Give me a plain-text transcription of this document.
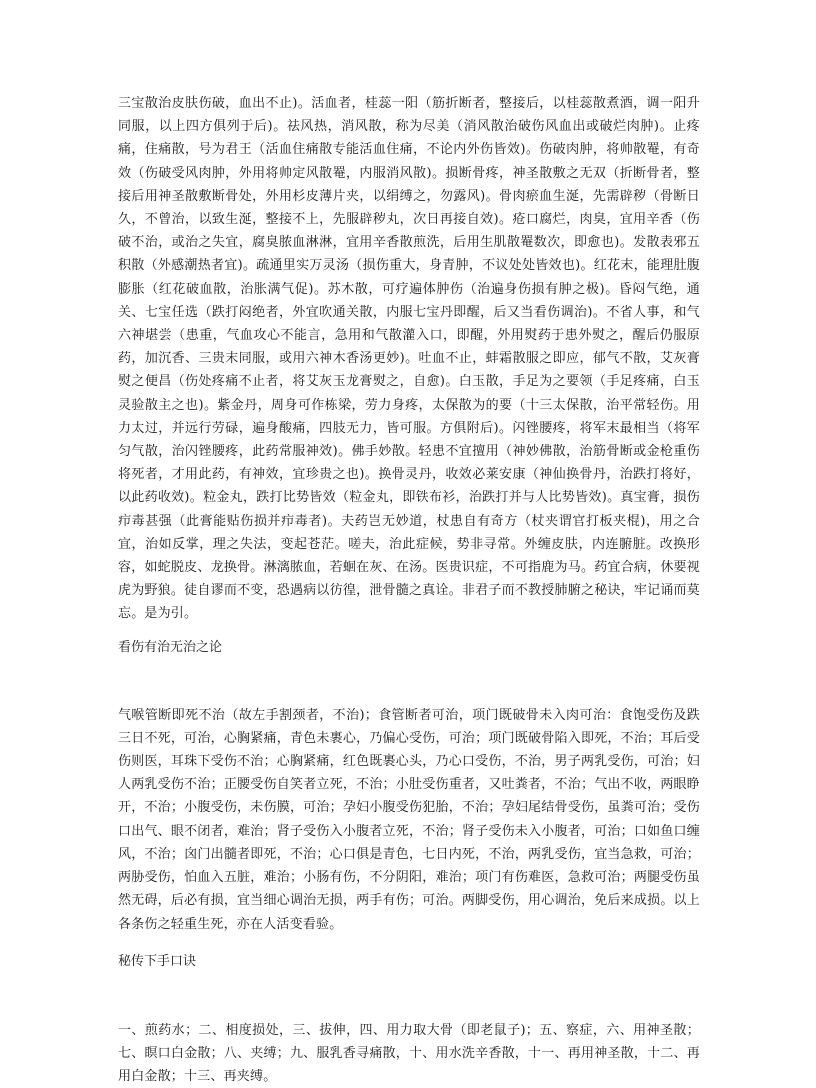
三宝散治皮肤伤破，血出不止)。活血者，桂蕊一阳（筋折断者，整接后，以桂蕊散煮酒，调一阳升同服，以上四方俱列于后)。祛风热，消风散，称为尽美（消风散治破伤风血出或破烂肉肿)。止疼痛，住痛散，号为君王（活血住痛散专能活血住痛，不论内外伤皆效)。伤破肉肿，将帅散罨，有奇效（伤破受风肉肿，外用将帅定风散罨，内服消风散)。损断骨疼，神圣散敷之无双（折断骨者，整接后用神圣散敷断骨处，外用杉皮薄片夹，以绢缚之，勿露风)。骨肉瘀血生涎，先需辟秽（骨断日久，不曾治，以致生涎，整接不上，先服辟秽丸，次日再接自效)。疮口腐烂，肉臭，宜用辛香（伤破不治，或治之失宜，腐臭脓血淋淋，宜用辛香散煎洗，后用生肌散罨数次，即愈也)。发散表邪五积散（外感潮热者宜)。疏通里实万灵汤（损伤重大，身青肿，不议处处皆效也)。红花末，能理肚腹膨胀（红花破血散，治胀满气促)。苏木散，可疗遍体肿伤（治遍身伤损有肿之极)。昏闷气绝，通关、七宝任选（跌打闷绝者，外宜吹通关散，内服七宝丹即醒，后又当看伤调治)。不省人事，和气六神堪尝（患重，气血攻心不能言，急用和气散灌入口，即醒，外用熨药于患外熨之，醒后仍服原药，加沉香、三贵末同服，或用六神木香汤更妙)。吐血不止，蚌霜散服之即应，郁气不散，艾灰膏熨之便昌（伤处疼痛不止者，将艾灰玉龙膏熨之，自愈)。白玉散，手足为之要领（手足疼痛，白玉灵验散主之也)。紫金丹，周身可作栋梁，劳力身疼，太保散为的要（十三太保散，治平常轻伤。用力太过，并远行劳碌，遍身酸痛，四肢无力，皆可服。方俱附后)。闪锉腰疼，将军末最相当（将军匀气散，治闪锉腰疼，此药常服神效)。佛手妙散。轻患不宜擅用（神妙佛散，治筋骨断或金枪重伤将死者，才用此药，有神效，宜珍贵之也)。换骨灵丹，收效必莱安康（神仙换骨丹，治跌打将好，以此药收效)。粒金丸，跌打比势皆效（粒金丸，即铁布衫，治跌打并与人比势皆效)。真宝膏，损伤疖毒甚强（此膏能贴伤损并疖毒者)。夫药岂无妙道，杖患自有奇方（杖夹谓官打板夹棍)，用之合宜，治如反掌，理之失法，变起苍茫。嗟夫，治此症候，势非寻常。外缠皮肤，内连腑脏。改换形容，如蛇脱皮、龙换骨。淋漓脓血，若蛔在灰、在汤。医贵识症，不可指鹿为马。药宜合病，休要视虎为野狼。徒自谬而不变，恐遇病以彷徨，泄骨髓之真诠。非君子而不教授肺腑之秘诀，牢记诵而莫忘。是为引。

看伤有治无治之论

气喉管断即死不治（故左手割颈者，不治)；食管断者可治，项门既破骨未入肉可治：食饱受伤及跌三日不死，可治，心胸紧痛，青色未裹心，乃偏心受伤，可治；项门既破骨陷入即死，不治；耳后受伤则医，耳珠下受伤不治；心胸紧痛，红色既裹心头，乃心口受伤，不治，男子两乳受伤，可治；妇人两乳受伤不治；正腰受伤自笑者立死，不治；小肚受伤重者，又吐粪者，不治；气出不收，两眼睁开，不治；小腹受伤，未伤膜，可治；孕妇小腹受伤犯胎，不治；孕妇尾结骨受伤，虽粪可治；受伤口出气、眼不闭者，难治；肾子受伤入小腹者立死，不治；肾子受伤未入小腹者，可治；口如鱼口缠风，不治；囟门出髓者即死，不治；心口俱是青色，七日内死，不治，两乳受伤，宜当急救，可治；两胁受伤，怕血入五脏，难治；小肠有伤，不分阴阳，难治；项门有伤难医，急救可治；两腿受伤虽然无碍，后必有损，宜当细心调治无损，两手有伤；可治。两脚受伤，用心调治，免后来成损。以上各条伤之轻重生死，亦在人活变看验。

秘传下手口诀

一、煎药水；二、相度损处，三、拔伸，四、用力取大骨（即老鼠子)；五、察症，六、用神圣散；七、瞑口白金散；八、夹缚；九、服乳香寻痛散，十、用水洗辛香散，十一、再用神圣散，十二、再用白金散；十三、再夹缚。
